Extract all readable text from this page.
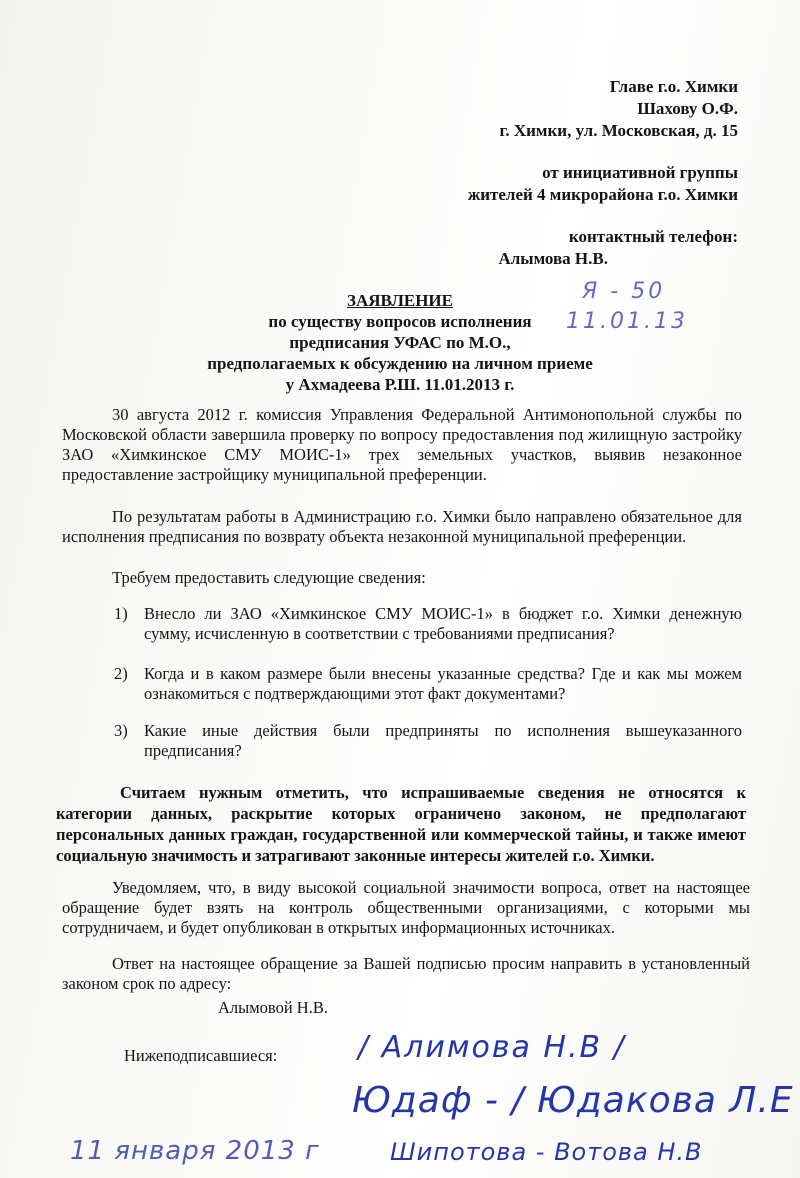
Главе г.о. Химки
Шахову О.Ф.
г. Химки, ул. Московская, д. 15
от инициативной группы
жителей 4 микрорайона г.о. Химки
контактный телефон:
Алымова Н.В.
Я - 50
11.01.13
ЗАЯВЛЕНИЕ
по существу вопросов исполнения
предписания УФАС по М.О.,
предполагаемых к обсуждению на личном приеме
у Ахмадеева Р.Ш. 11.01.2013 г.
30 августа 2012 г. комиссия Управления Федеральной Антимонопольной службы по Московской области завершила проверку по вопросу предоставления под жилищную застройку ЗАО «Химкинское СМУ МОИС-1» трех земельных участков, выявив незаконное предоставление застройщику муниципальной преференции.
По результатам работы в Администрацию г.о. Химки было направлено обязательное для исполнения предписания по возврату объекта незаконной муниципальной преференции.
Требуем предоставить следующие сведения:
1) Внесло ли ЗАО «Химкинское СМУ МОИС-1» в бюджет г.о. Химки денежную сумму, исчисленную в соответствии с требованиями предписания?
2) Когда и в каком размере были внесены указанные средства? Где и как мы можем ознакомиться с подтверждающими этот факт документами?
3) Какие иные действия были предприняты по исполнения вышеуказанного предписания?
Считаем нужным отметить, что испрашиваемые сведения не относятся к категории данных, раскрытие которых ограничено законом, не предполагают персональных данных граждан, государственной или коммерческой тайны, и также имеют социальную значимость и затрагивают законные интересы жителей г.о. Химки.
Уведомляем, что, в виду высокой социальной значимости вопроса, ответ на настоящее обращение будет взять на контроль общественными организациями, с которыми мы сотрудничаем, и будет опубликован в открытых информационных источниках.
Ответ на настоящее обращение за Вашей подписью просим направить в установленный законом срок по адресу:
Алымовой Н.В.
Нижеподписавшиеся:	/ Алимова Н.В /
Юдаф - / Юдакова Л.Е
11 января 2013 г	Шипотова - Вотова Н.В
